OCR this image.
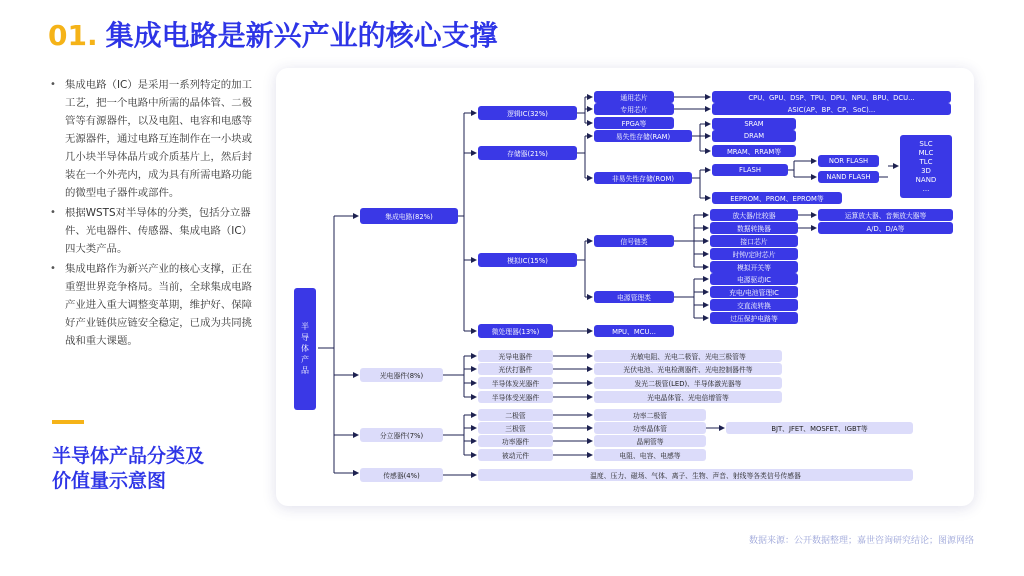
01. 集成电路是新兴产业的核心支撑
• 集成电路（IC）是采用一系列特定的加工工艺，把一个电路中所需的晶体管、二极管等有源器件，以及电阻、电容和电感等无源器件，通过电路互连制作在一小块或几小块半导体晶片或介质基片上，然后封装在一个外壳内，成为具有所需电路功能的微型电子器件或部件。
• 根据WSTS对半导体的分类，包括分立器件、光电器件、传感器、集成电路（IC）四大类产品。
• 集成电路作为新兴产业的核心支撑，正在重塑世界竞争格局。当前，全球集成电路产业进入重大调整变革期，维护好、保障好产业链供应链安全稳定，已成为共同挑战和重大课题。
半导体产品分类及
价值量示意图
半导体产品
集成电路(82%)
光电器件(8%)
分立器件(7%)
传感器(4%)
逻辑IC(32%)
存储器(21%)
模拟IC(15%)
微处理器(13%)
通用芯片
专用芯片
FPGA等
CPU、GPU、DSP、TPU、DPU、NPU、BPU、DCU...
ASIC(AP、BP、CP、SoC)...
易失性存储(RAM)
非易失性存储(ROM)
SRAM
DRAM
MRAM、RRAM等
FLASH
EEPROM、PROM、EPROM等
NOR FLASH
NAND FLASH
SLC
MLC
TLC
3D
NAND
...
信号链类
电源管理类
放大器/比较器
数据转换器
接口芯片
时钟/定时芯片
模拟开关等
运算放大器、音频放大器等
A/D、D/A等
电源驱动IC
充电/电池管理IC
交直流转换
过压保护电路等
MPU、MCU...
光导电器件
光伏打器件
半导体发光器件
半导体受光器件
光敏电阻、光电二极管、光电三极管等
光伏电池、光电检测器件、光电控制器件等
发光二极管(LED)、半导体激光器等
光电晶体管、光电倍增管等
二极管
三极管
功率器件
被动元件
功率二极管
功率晶体管
晶闸管等
电阻、电容、电感等
BJT、JFET、MOSFET、IGBT等
温度、压力、磁场、气体、离子、生物、声音、射线等各类信号传感器
数据来源：公开数据整理；嘉世咨询研究结论；图源网络
